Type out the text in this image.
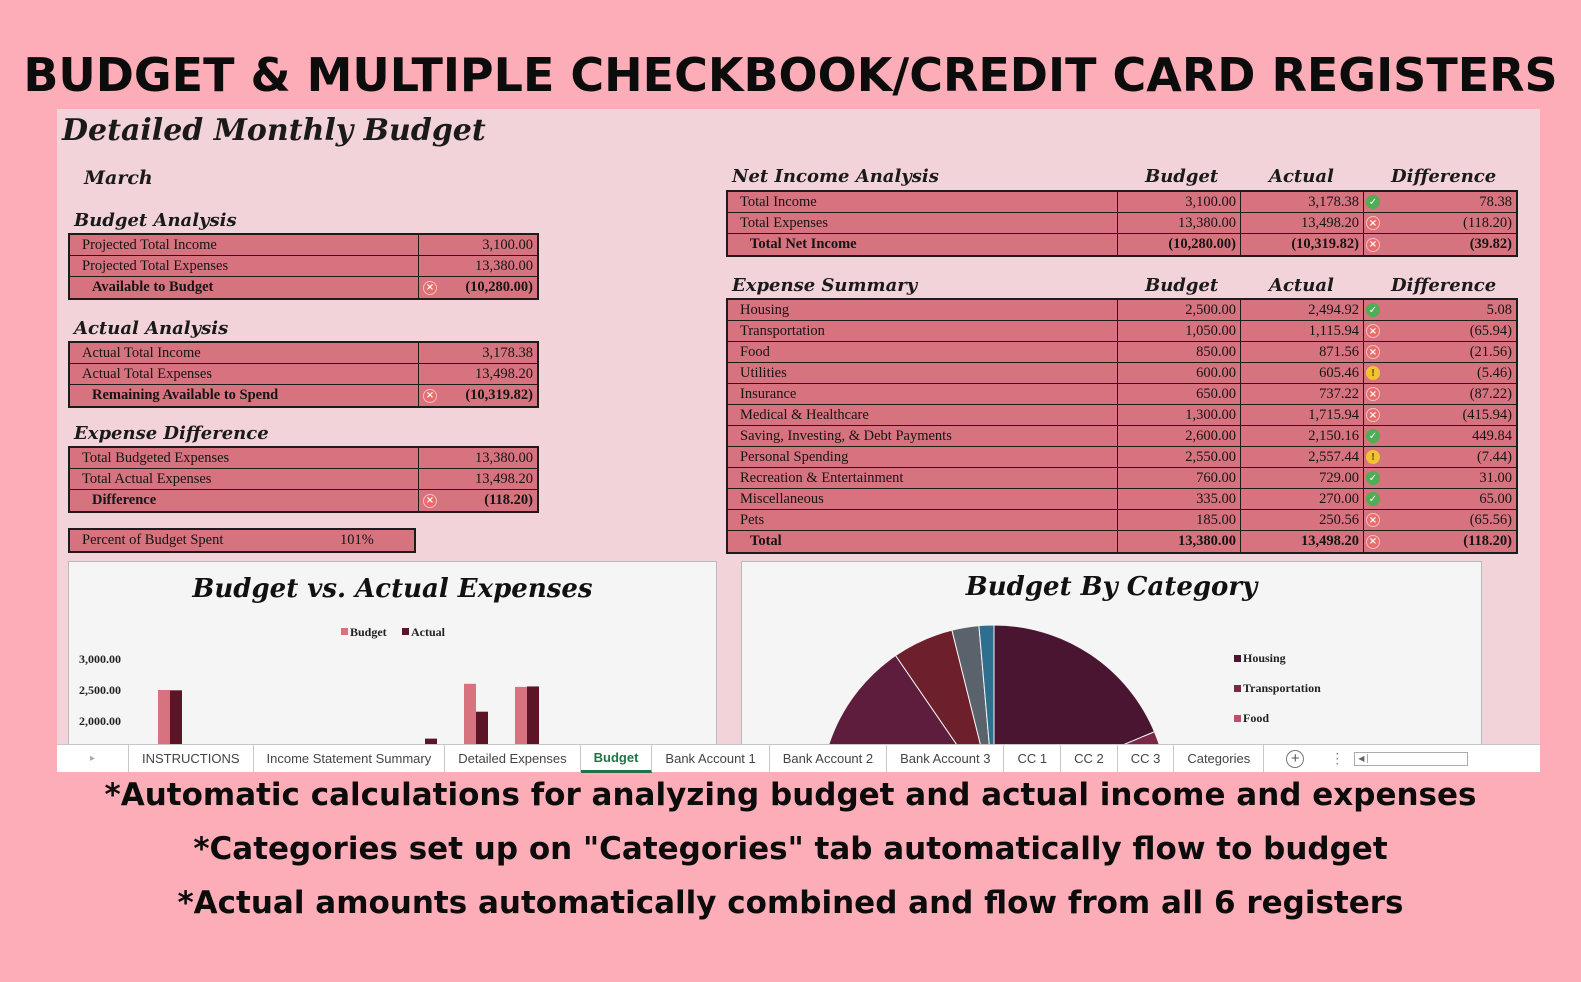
BUDGET & MULTIPLE CHECKBOOK/CREDIT CARD REGISTERS
Detailed Monthly Budget
March
Budget Analysis
Projected Total Income	3,100.00
Projected Total Expenses	13,380.00
Available to Budget	× (10,280.00)
Actual Analysis
Actual Total Income	3,178.38
Actual Total Expenses	13,498.20
Remaining Available to Spend	× (10,319.82)
Expense Difference
Total Budgeted Expenses	13,380.00
Total Actual Expenses	13,498.20
Difference	×	(118.20)
Percent of Budget Spent	101%
Net Income Analysis	Budget	Actual	Difference
Total Income	3,100.00	3,178.38 ✓	78.38
Total Expenses	13,380.00	13,498.20 ×	(118.20)
Total Net Income	(10,280.00)	(10,319.82) ×	(39.82)
Expense Summary	Budget	Actual	Difference
Housing	2,500.00	2,494.92 ✓	5.08
Transportation	1,050.00	1,115.94 ×	(65.94)
Food	850.00	871.56 ×	(21.56)
Utilities	600.00	605.46	!	(5.46)
Insurance	650.00	737.22 ×	(87.22)
Medical & Healthcare	1,300.00	1,715.94 ×	(415.94)
Saving, Investing, & Debt Payments	2,600.00	2,150.16 ✓	449.84
Personal Spending	2,550.00	2,557.44	!	(7.44)
Recreation & Entertainment	760.00	729.00 ✓	31.00
Miscellaneous	335.00	270.00 ✓	65.00
Pets	185.00	250.56 ×	(65.56)
Total	13,380.00	13,498.20 ×	(118.20)
Budget vs. Actual Expenses
Budget Actual
3,000.00
2,500.00
2,000.00
Budget By Category
Housing
Transportation
Food
▸	INSTRUCTIONS	Income Statement Summary	Detailed Expenses	Budget	Bank Account 1	Bank Account 2	Bank Account 3	CC 1	CC 2	CC 3	Categories	+	⋮	◀
*Automatic calculations for analyzing budget and actual income and expenses
*Categories set up on "Categories" tab automatically flow to budget
*Actual amounts automatically combined and flow from all 6 registers
